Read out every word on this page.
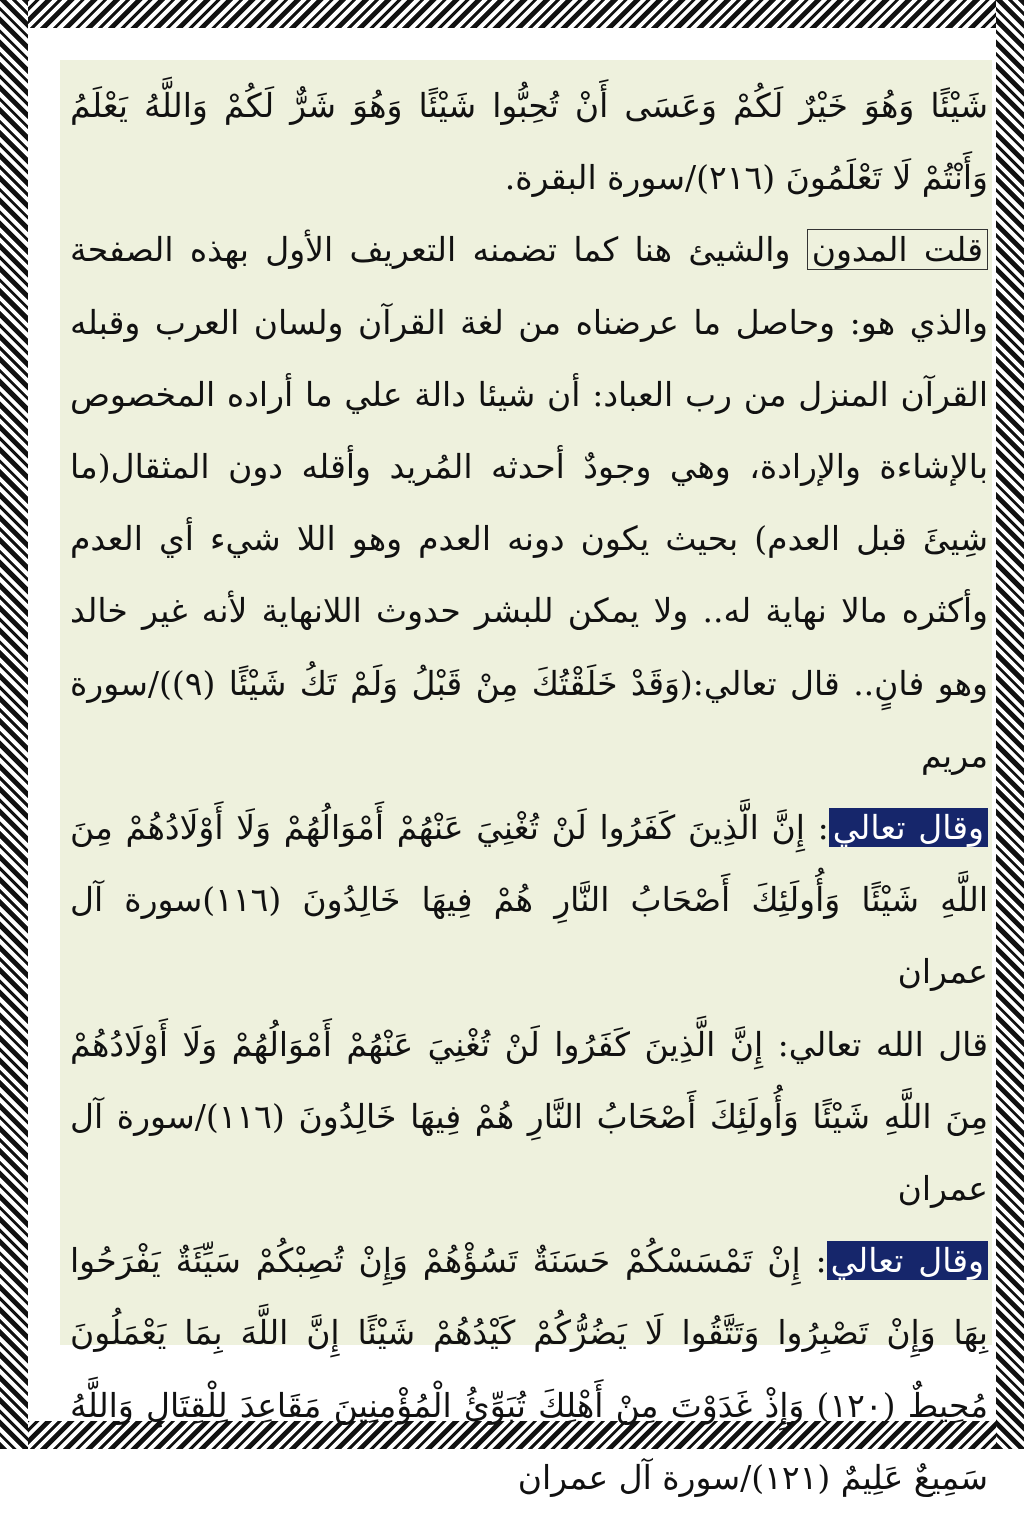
شَيْئًا وَهُوَ خَيْرٌ لَكُمْ وَعَسَى أَنْ تُحِبُّوا شَيْئًا وَهُوَ شَرٌّ لَكُمْ وَاللَّهُ يَعْلَمُ وَأَنْتُمْ لَا تَعْلَمُونَ (٢١٦)/سورة البقرة.

قلت المدون والشيئ هنا كما تضمنه التعريف الأول بهذه الصفحة والذي هو: وحاصل ما عرضناه من لغة القرآن ولسان العرب وقبله القرآن المنزل من رب العباد: أن شيئا دالة علي ما أراده المخصوص بالإشاءة والإرادة، وهي وجودٌ أحدثه المُريد وأقله دون المثقال(ما شِيئَ قبل العدم) بحيث يكون دونه العدم وهو اللا شيء أي العدم وأكثره مالا نهاية له.. ولا يمكن للبشر حدوث اللانهاية لأنه غير خالد وهو فانٍ.. قال تعالي:(وَقَدْ خَلَقْتُكَ مِنْ قَبْلُ وَلَمْ تَكُ شَيْئًا (٩))/سورة مريم

وقال تعالي: إِنَّ الَّذِينَ كَفَرُوا لَنْ تُغْنِيَ عَنْهُمْ أَمْوَالُهُمْ وَلَا أَوْلَادُهُمْ مِنَ اللَّهِ شَيْئًا وَأُولَئِكَ أَصْحَابُ النَّارِ هُمْ فِيهَا خَالِدُونَ (١١٦)سورة آل عمران

قال الله تعالي: إِنَّ الَّذِينَ كَفَرُوا لَنْ تُغْنِيَ عَنْهُمْ أَمْوَالُهُمْ وَلَا أَوْلَادُهُمْ مِنَ اللَّهِ شَيْئًا وَأُولَئِكَ أَصْحَابُ النَّارِ هُمْ فِيهَا خَالِدُونَ (١١٦)/سورة آل عمران

وقال تعالي: إِنْ تَمْسَسْكُمْ حَسَنَةٌ تَسُؤْهُمْ وَإِنْ تُصِبْكُمْ سَيِّئَةٌ يَفْرَحُوا بِهَا وَإِنْ تَصْبِرُوا وَتَتَّقُوا لَا يَضُرُّكُمْ كَيْدُهُمْ شَيْئًا إِنَّ اللَّهَ بِمَا يَعْمَلُونَ مُحِيطٌ (١٢٠) وَإِذْ غَدَوْتَ مِنْ أَهْلِكَ تُبَوِّئُ الْمُؤْمِنِينَ مَقَاعِدَ لِلْقِتَالِ وَاللَّهُ سَمِيعٌ عَلِيمٌ (١٢١)/سورة آل عمران
